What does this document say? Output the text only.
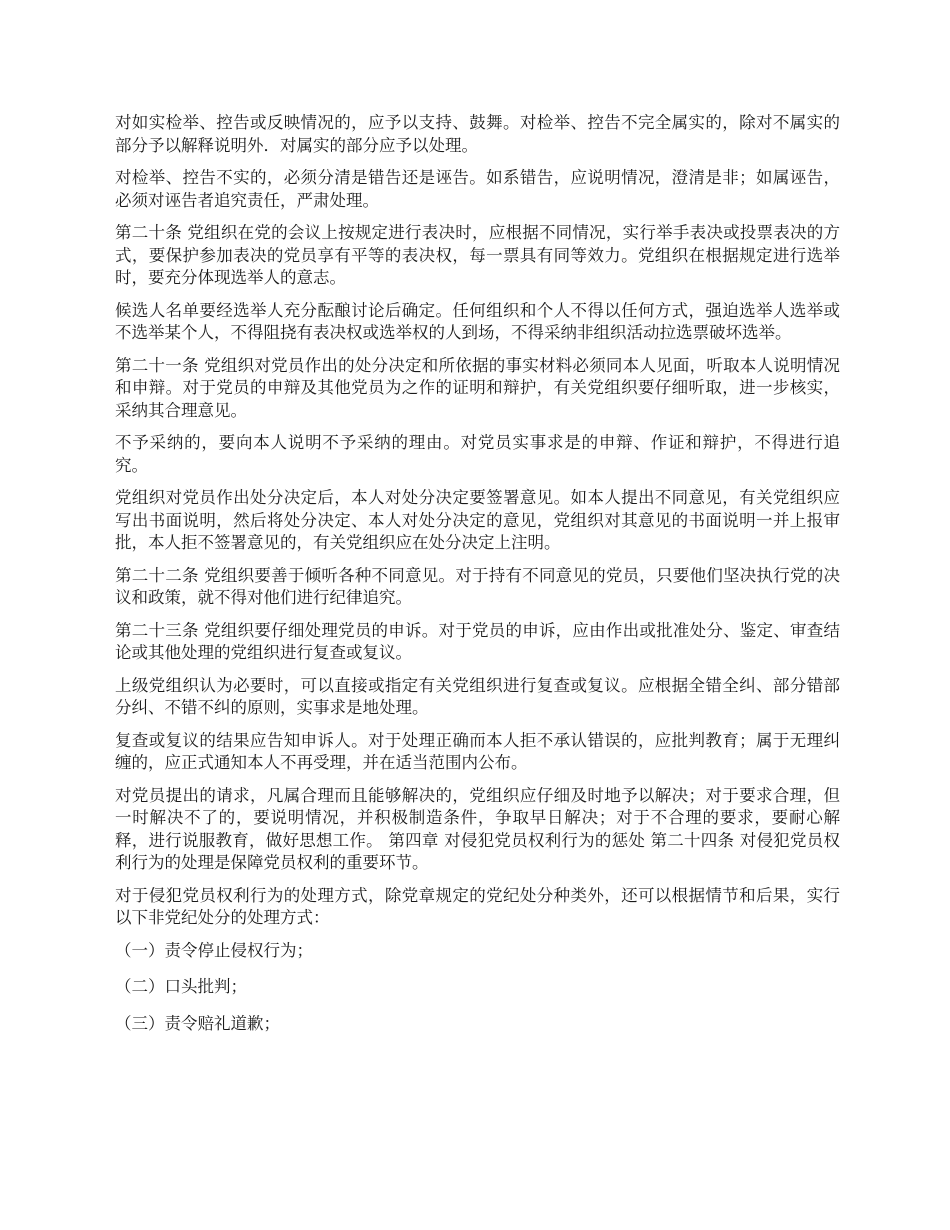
对如实检举、控告或反映情况的，应予以支持、鼓舞。对检举、控告不完全属实的，除对不属实的部分予以解释说明外．对属实的部分应予以处理。

对检举、控告不实的，必须分清是错告还是诬告。如系错告，应说明情况，澄清是非；如属诬告，必须对诬告者追究责任，严肃处理。

第二十条 党组织在党的会议上按规定进行表决时，应根据不同情况，实行举手表决或投票表决的方式，要保护参加表决的党员享有平等的表决权，每一票具有同等效力。党组织在根据规定进行选举时，要充分体现选举人的意志。

候选人名单要经选举人充分酝酿讨论后确定。任何组织和个人不得以任何方式，强迫选举人选举或不选举某个人，不得阻挠有表决权或选举权的人到场，不得采纳非组织活动拉选票破坏选举。

第二十一条 党组织对党员作出的处分决定和所依据的事实材料必须同本人见面，听取本人说明情况和申辩。对于党员的申辩及其他党员为之作的证明和辩护，有关党组织要仔细听取，进一步核实，采纳其合理意见。

不予采纳的，要向本人说明不予采纳的理由。对党员实事求是的申辩、作证和辩护，不得进行追究。

党组织对党员作出处分决定后，本人对处分决定要签署意见。如本人提出不同意见，有关党组织应写出书面说明，然后将处分决定、本人对处分决定的意见，党组织对其意见的书面说明一并上报审批，本人拒不签署意见的，有关党组织应在处分决定上注明。

第二十二条 党组织要善于倾听各种不同意见。对于持有不同意见的党员，只要他们坚决执行党的决议和政策，就不得对他们进行纪律追究。

第二十三条 党组织要仔细处理党员的申诉。对于党员的申诉，应由作出或批准处分、鉴定、审查结论或其他处理的党组织进行复查或复议。

上级党组织认为必要时，可以直接或指定有关党组织进行复查或复议。应根据全错全纠、部分错部分纠、不错不纠的原则，实事求是地处理。

复查或复议的结果应告知申诉人。对于处理正确而本人拒不承认错误的，应批判教育；属于无理纠缠的，应正式通知本人不再受理，并在适当范围内公布。

对党员提出的请求，凡属合理而且能够解决的，党组织应仔细及时地予以解决；对于要求合理，但一时解决不了的，要说明情况，并积极制造条件，争取早日解决；对于不合理的要求，要耐心解释，进行说服教育，做好思想工作。 第四章 对侵犯党员权利行为的惩处 第二十四条 对侵犯党员权利行为的处理是保障党员权利的重要环节。

对于侵犯党员权利行为的处理方式，除党章规定的党纪处分种类外，还可以根据情节和后果，实行以下非党纪处分的处理方式：

（一）责令停止侵权行为；

（二）口头批判；

（三）责令赔礼道歉；
